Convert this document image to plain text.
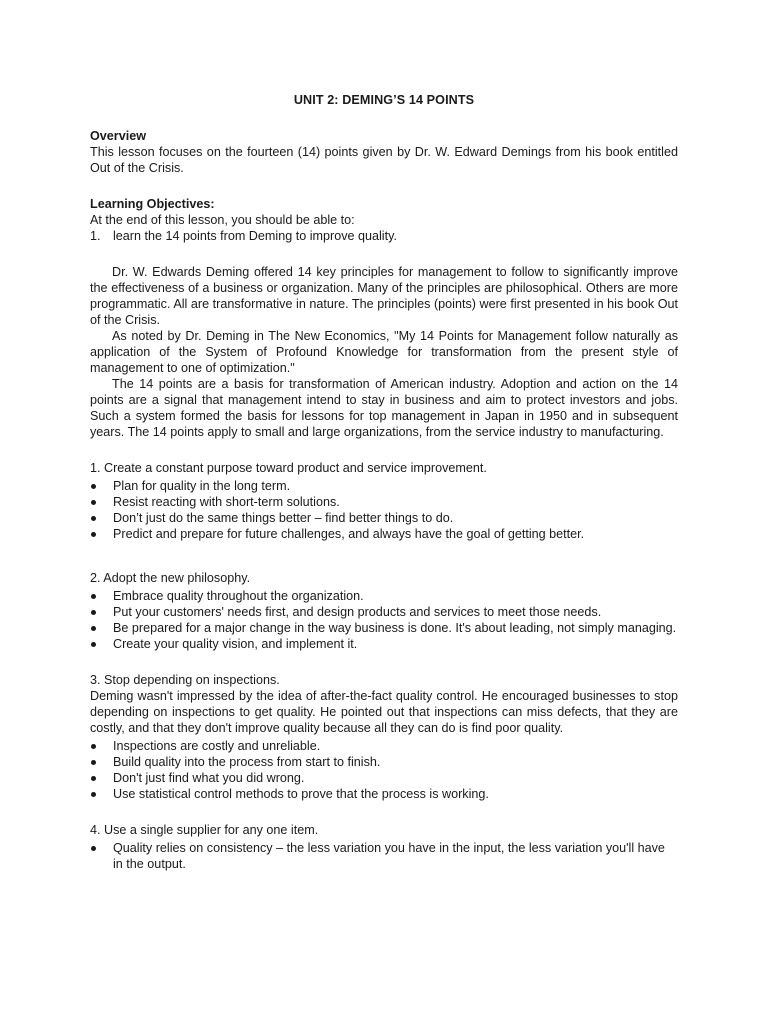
UNIT 2: DEMING’S 14 POINTS

Overview

This lesson focuses on the fourteen (14) points given by Dr. W. Edward Demings from his book entitled Out of the Crisis.

Learning Objectives:

At the end of this lesson, you should be able to:

1. learn the 14 points from Deming to improve quality.

Dr. W. Edwards Deming offered 14 key principles for management to follow to significantly improve the effectiveness of a business or organization. Many of the principles are philosophical. Others are more programmatic. All are transformative in nature. The principles (points) were first presented in his book Out of the Crisis.

As noted by Dr. Deming in The New Economics, "My 14 Points for Management follow naturally as application of the System of Profound Knowledge for transformation from the present style of management to one of optimization."

The 14 points are a basis for transformation of American industry. Adoption and action on the 14 points are a signal that management intend to stay in business and aim to protect investors and jobs. Such a system formed the basis for lessons for top management in Japan in 1950 and in subsequent years. The 14 points apply to small and large organizations, from the service industry to manufacturing.

1. Create a constant purpose toward product and service improvement.

Plan for quality in the long term.
Resist reacting with short-term solutions.
Don’t just do the same things better – find better things to do.
Predict and prepare for future challenges, and always have the goal of getting better.

2. Adopt the new philosophy.

Embrace quality throughout the organization.
Put your customers' needs first, and design products and services to meet those needs.
Be prepared for a major change in the way business is done. It's about leading, not simply managing.
Create your quality vision, and implement it.

3. Stop depending on inspections.

Deming wasn't impressed by the idea of after-the-fact quality control. He encouraged businesses to stop depending on inspections to get quality. He pointed out that inspections can miss defects, that they are costly, and that they don't improve quality because all they can do is find poor quality.

Inspections are costly and unreliable.
Build quality into the process from start to finish.
Don't just find what you did wrong.
Use statistical control methods to prove that the process is working.

4. Use a single supplier for any one item.

Quality relies on consistency – the less variation you have in the input, the less variation you'll have in the output.
